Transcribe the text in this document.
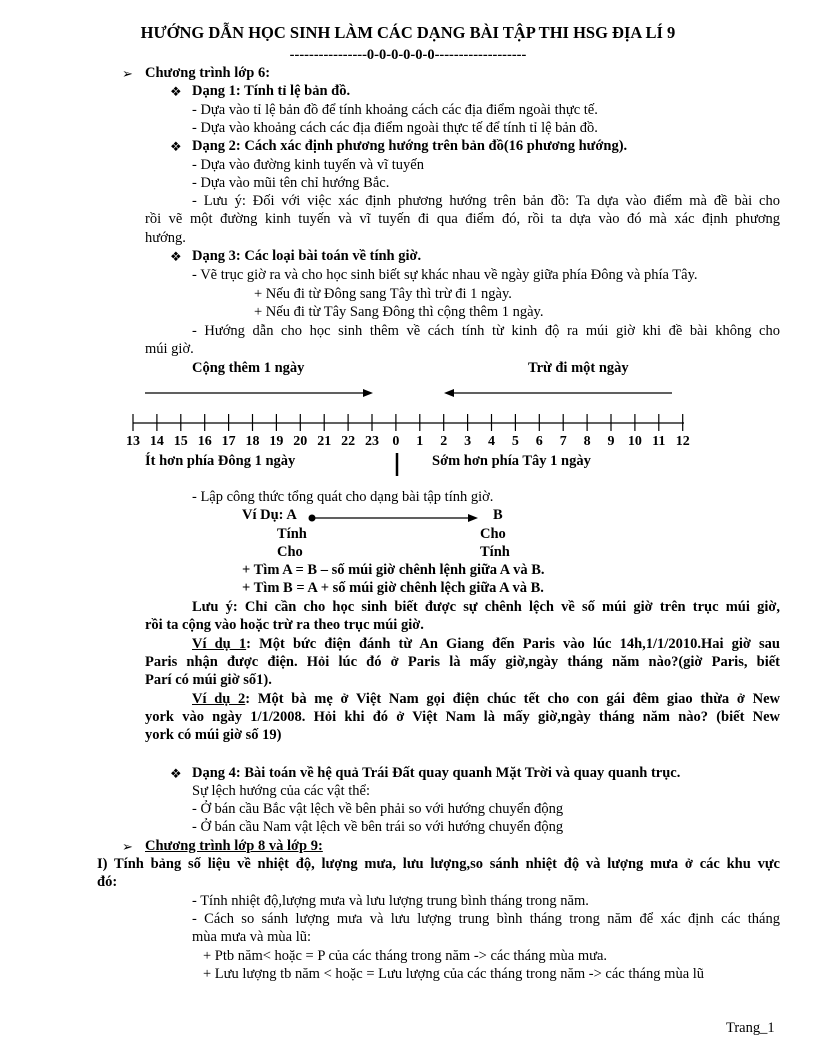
HƯỚNG DẪN HỌC SINH LÀM CÁC DẠNG BÀI TẬP THI HSG ĐỊA LÍ 9
----------------0-0-0-0-0-0-------------------
➢ Chương trình lớp 6:
❖ Dạng 1: Tính tỉ lệ bản đồ.
- Dựa vào tỉ lệ bản đồ để tính khoảng cách các địa điểm ngoài thực tế.
- Dựa vào khoảng cách các địa điểm ngoài thực tế để tính tỉ lệ bản đồ.
❖ Dạng 2: Cách xác định phương hướng trên bản đồ(16 phương hướng).
- Dựa vào đường kinh tuyến và vĩ tuyến
- Dựa vào mũi tên chỉ hướng Bắc.
- Lưu ý: Đối với việc xác định phương hướng trên bản đồ: Ta dựa vào điểm mà đề bài cho
rồi vẽ một đường kinh tuyến và vĩ tuyến đi qua điểm đó, rồi ta dựa vào đó mà xác định phương
hướng.
❖ Dạng 3: Các loại bài toán về tính giờ.
- Vẽ trục giờ ra và cho học sinh biết sự khác nhau về ngày giữa phía Đông và phía Tây.
+ Nếu đi từ Đông sang Tây thì trừ đi 1 ngày.
+ Nếu đi từ Tây Sang Đông thì cộng thêm 1 ngày.
- Hướng dẫn cho học sinh thêm về cách tính từ kinh độ ra múi giờ khi đề bài không cho
múi giờ.
Cộng thêm 1 ngày	Trừ đi một ngày
13 14 15 16 17 18 19 20 21 22 23 0 1 2 3 4 5 6 7 8 9 10 11 12
Ít hơn phía Đông 1 ngày	Sớm hơn phía Tây 1 ngày
- Lập công thức tổng quát cho dạng bài tập tính giờ.
Ví Dụ: A	B
Tính	Cho
Cho	Tính
+ Tìm A = B – số múi giờ chênh lệnh giữa A và B.
+ Tìm B = A + số múi giờ chênh lệch giữa A và B.
Lưu ý: Chỉ cần cho học sinh biết được sự chênh lệch về số múi giờ trên trục múi giờ,
rồi ta cộng vào hoặc trừ ra theo trục múi giờ.
Ví dụ 1: Một bức điện đánh từ An Giang đến Paris vào lúc 14h,1/1/2010.Hai giờ sau
Paris nhận được điện. Hỏi lúc đó ở Paris là mấy giờ,ngày tháng năm nào?(giờ Paris, biết
Parí có múi giờ số1).
Ví dụ 2: Một bà mẹ ở Việt Nam gọi điện chúc tết cho con gái đêm giao thừa ở New
york vào ngày 1/1/2008. Hỏi khi đó ở Việt Nam là mấy giờ,ngày tháng năm nào? (biết New
york có múi giờ số 19)
❖ Dạng 4: Bài toán về hệ quả Trái Đất quay quanh Mặt Trời và quay quanh trục.
Sự lệch hướng của các vật thể:
- Ở bán cầu Bắc vật lệch về bên phải so với hướng chuyển động
- Ở bán cầu Nam vật lệch về bên trái so với hướng chuyển động
➢ Chương trình lớp 8 và lớp 9:
I) Tính bảng số liệu về nhiệt độ, lượng mưa, lưu lượng,so sánh nhiệt độ và lượng mưa ở các khu vực
đó:
- Tính nhiệt độ,lượng mưa và lưu lượng trung bình tháng trong năm.
- Cách so sánh lượng mưa và lưu lượng trung bình tháng trong năm để xác định các tháng
mùa mưa và mùa lũ:
+ Ptb năm< hoặc = P của các tháng trong năm -> các tháng mùa mưa.
+ Lưu lượng tb năm < hoặc = Lưu lượng của các tháng trong năm -> các tháng mùa lũ
Trang_1
